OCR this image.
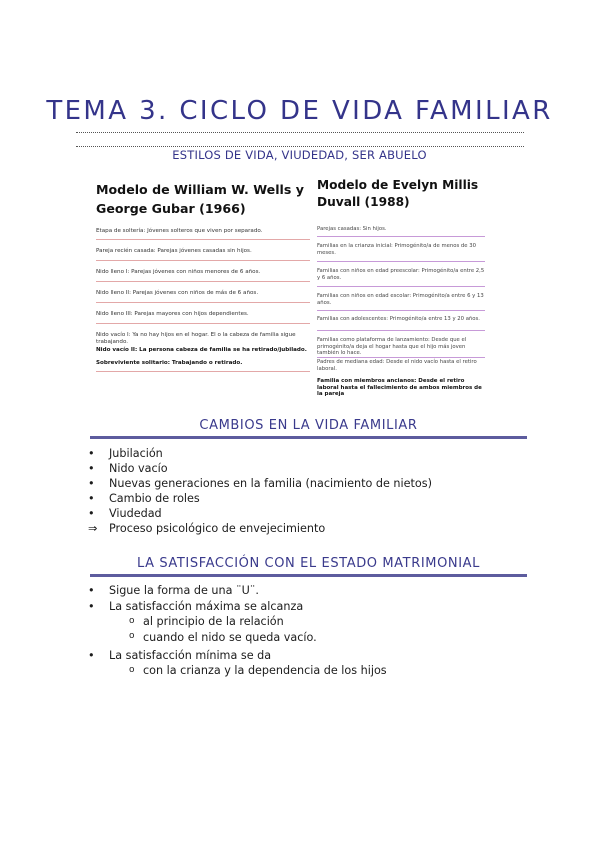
TEMA 3. CICLO DE VIDA FAMILIAR
ESTILOS DE VIDA, VIUDEDAD, SER ABUELO
Modelo de William W. Wells y George Gubar (1966)
Etapa de soltería: Jóvenes solteros que viven por separado.
Pareja recién casada: Parejas jóvenes casadas sin hijos.
Nido lleno I: Parejas jóvenes con niños menores de 6 años.
Nido lleno II: Parejas jóvenes con niños de más de 6 años.
Nido lleno III: Parejas mayores con hijos dependientes.
Nido vacío I: Ya no hay hijos en el hogar. El o la cabeza de familia sigue trabajando.
Nido vacío II: La persona cabeza de familia se ha retirado/jubilado.
Sobreviviente solitario: Trabajando o retirado.
Modelo de Evelyn Millis Duvall (1988)
Parejas casadas: Sin hijos.
Familias en la crianza inicial: Primogénito/a de menos de 30 meses.
Familias con niños en edad preescolar: Primogénito/a entre 2,5 y 6 años.
Familias con niños en edad escolar: Primogénito/a entre 6 y 13 años.
Familias con adolescentes: Primogénito/a entre 13 y 20 años.
Familias como plataforma de lanzamiento: Desde que el primogénito/a deja el hogar hasta que el hijo más joven también lo hace.
Padres de mediana edad: Desde el nido vacío hasta el retiro laboral.
Familia con miembros ancianos: Desde el retiro laboral hasta el fallecimiento de ambos miembros de la pareja
CAMBIOS EN LA VIDA FAMILIAR
• Jubilación
• Nido vacío
• Nuevas generaciones en la familia (nacimiento de nietos)
• Cambio de roles
• Viudedad
⇒ Proceso psicológico de envejecimiento
LA SATISFACCIÓN CON EL ESTADO MATRIMONIAL
• Sigue la forma de una ¨U¨.
• La satisfacción máxima se alcanza
o al principio de la relación
o cuando el nido se queda vacío.
• La satisfacción mínima se da
o con la crianza y la dependencia de los hijos
